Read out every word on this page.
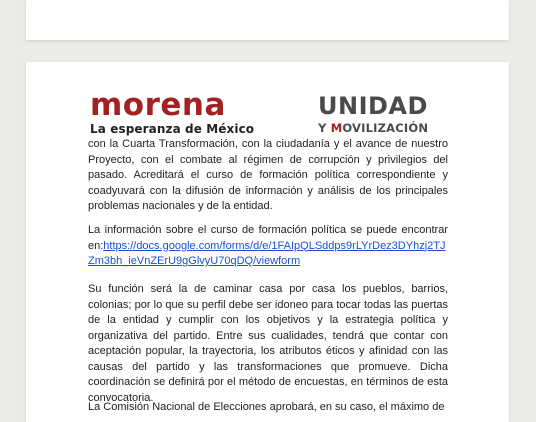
morena
La esperanza de México
UNIDAD
Y MOVILIZACIÓN
con la Cuarta Transformación, con la ciudadanía y el avance de nuestro Proyecto, con el combate al régimen de corrupción y privilegios del pasado. Acreditará el curso de formación política correspondiente y coadyuvará con la difusión de información y análisis de los principales problemas nacionales y de la entidad.
La información sobre el curso de formación política se puede encontrar en:https://docs.google.com/forms/d/e/1FAIpQLSddps9rLYrDez3DYhzj2TJZm3bh_ieVnZErU9gGlvyU70qDQ/viewform
Su función será la de caminar casa por casa los pueblos, barrios, colonias; por lo que su perfil debe ser idoneo para tocar todas las puertas de la entidad y cumplir con los objetivos y la estrategia política y organizativa del partido. Entre sus cualidades, tendrá que contar con aceptación popular, la trayectoria, los atributos éticos y afinidad con las causas del partido y las transformaciones que promueve. Dicha coordinación se definirá por el método de encuestas, en términos de esta convocatoria.
La Comisión Nacional de Elecciones aprobará, en su caso, el máximo de
